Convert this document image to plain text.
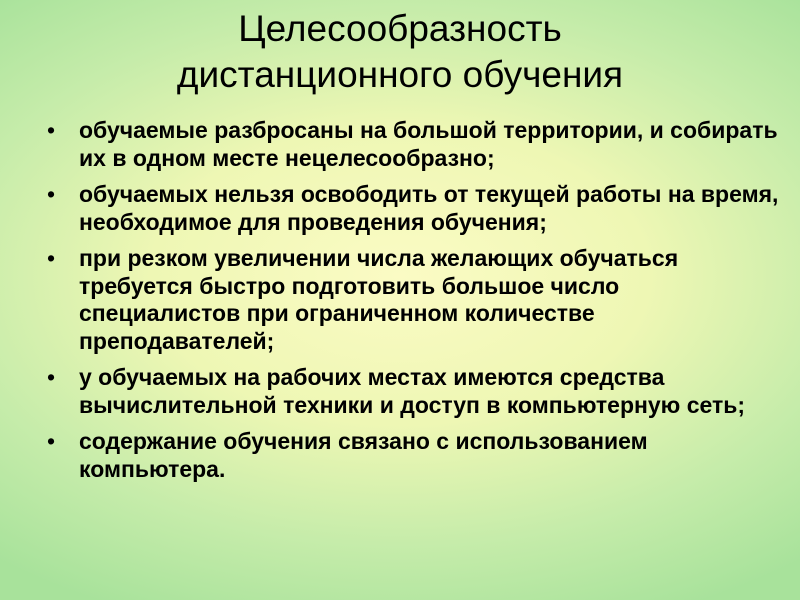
Целесообразность
дистанционного обучения
• обучаемые разбросаны на большой территории, и собирать их в одном месте нецелесообразно;
• обучаемых нельзя освободить от текущей работы на время, необходимое для проведения обучения;
• при резком увеличении числа желающих обучаться требуется быстро подготовить большое число специалистов при ограниченном количестве преподавателей;
• у обучаемых на рабочих местах имеются средства вычислительной техники и доступ в компьютерную сеть;
• содержание обучения связано с использованием компьютера.
